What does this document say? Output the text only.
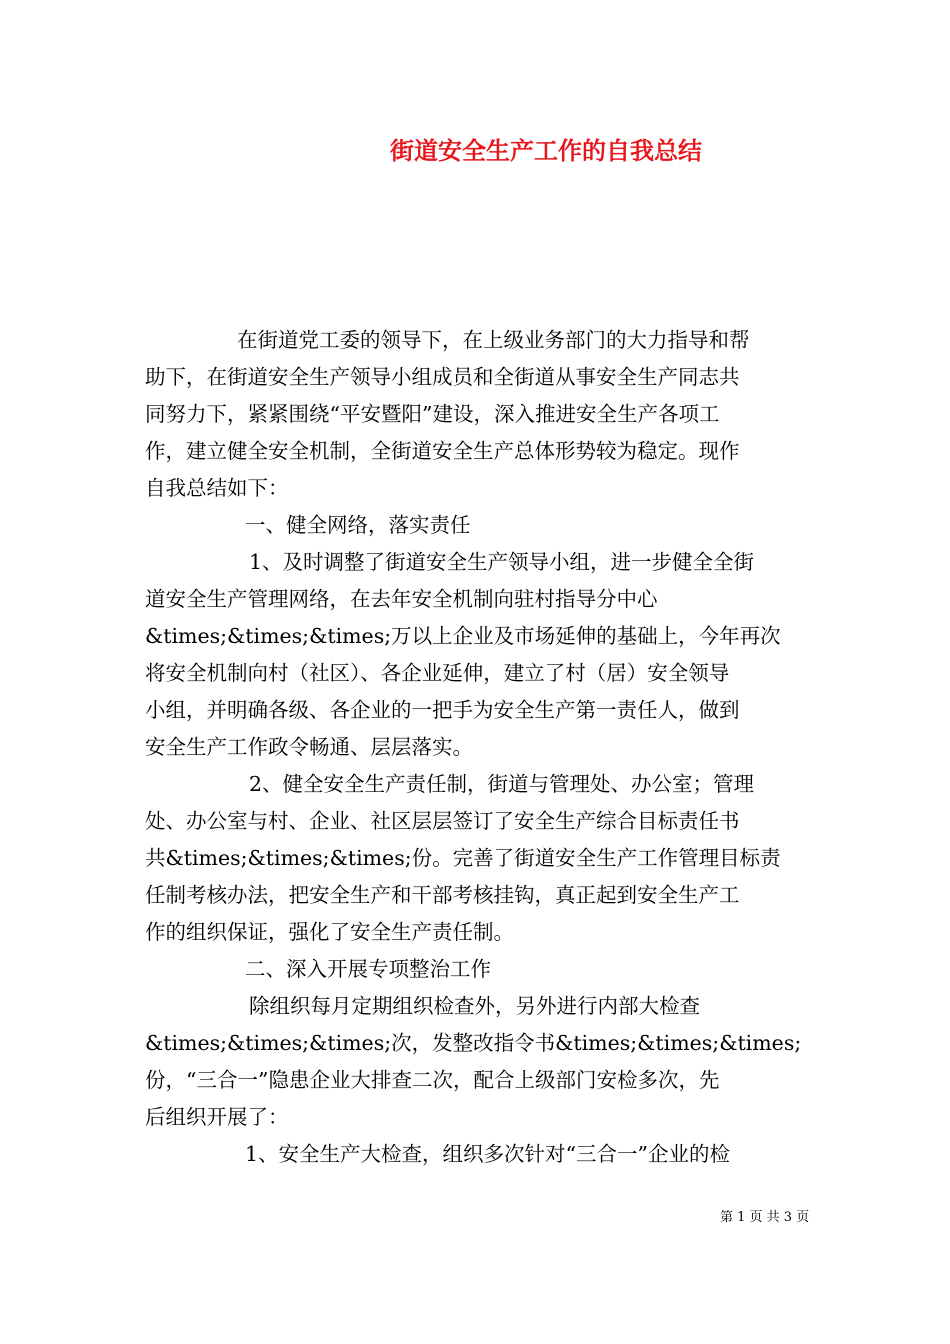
街道安全生产工作的自我总结
在街道党工委的领导下，在上级业务部门的大力指导和帮
助下，在街道安全生产领导小组成员和全街道从事安全生产同志共
同努力下，紧紧围绕“平安暨阳”建设，深入推进安全生产各项工
作，建立健全安全机制，全街道安全生产总体形势较为稳定。现作
自我总结如下：
一、健全网络，落实责任
1、及时调整了街道安全生产领导小组，进一步健全全街
道安全生产管理网络，在去年安全机制向驻村指导分中心
&times;&times;&times;万以上企业及市场延伸的基础上，今年再次
将安全机制向村（社区）、各企业延伸，建立了村（居）安全领导
小组，并明确各级、各企业的一把手为安全生产第一责任人，做到
安全生产工作政令畅通、层层落实。
2、健全安全生产责任制，街道与管理处、办公室；管理
处、办公室与村、企业、社区层层签订了安全生产综合目标责任书
共&times;&times;&times;份。完善了街道安全生产工作管理目标责
任制考核办法，把安全生产和干部考核挂钩，真正起到安全生产工
作的组织保证，强化了安全生产责任制。
二、深入开展专项整治工作
除组织每月定期组织检查外，另外进行内部大检查
&times;&times;&times;次，发整改指令书&times;&times;&times;
份，“三合一”隐患企业大排查二次，配合上级部门安检多次，先
后组织开展了：
1、安全生产大检查，组织多次针对“三合一”企业的检
第 1 页 共 3 页
